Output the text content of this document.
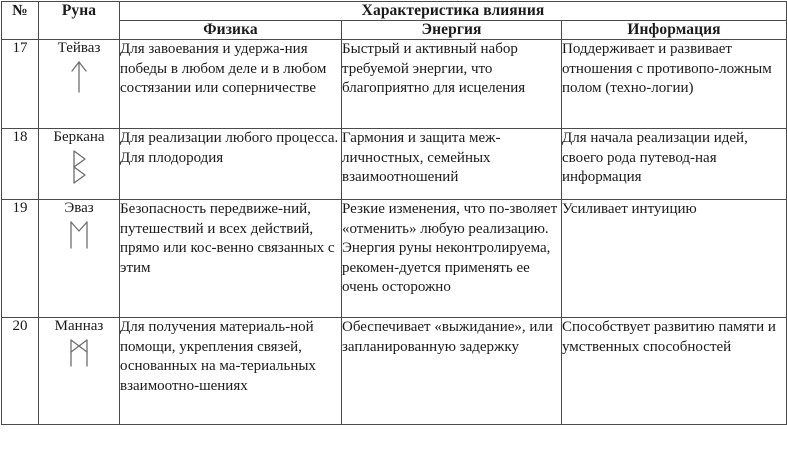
№	Руна	Характеристика влияния		
		Физика	Энергия	Информация
17	Тейваз	Для завоевания и удержа-ния победы в любом деле и в любом состязании или соперничестве	Быстрый и активный набор требуемой энергии, что благоприятно для исцеления	Поддерживает и развивает отношения с противопо-ложным полом (техно-логии)
18	Беркана	Для реализации любого процесса. Для плодородия	Гармония и защита меж-личностных, семейных взаимоотношений	Для начала реализации идей, своего рода путевод-ная информация
19	Эваз	Безопасность передвиже-ний, путешествий и всех действий, прямо или кос-венно связанных с этим	Резкие изменения, что по-зволяет «отменить» любую реализацию. Энергия руны неконтролируема, рекомен-дуется применять ее очень осторожно	Усиливает интуицию
20	Манназ	Для получения материаль-ной помощи, укрепления связей, основанных на ма-териальных взаимоотно-шениях	Обеспечивает «выжидание», или запланированную задержку	Способствует развитию памяти и умственных способностей
